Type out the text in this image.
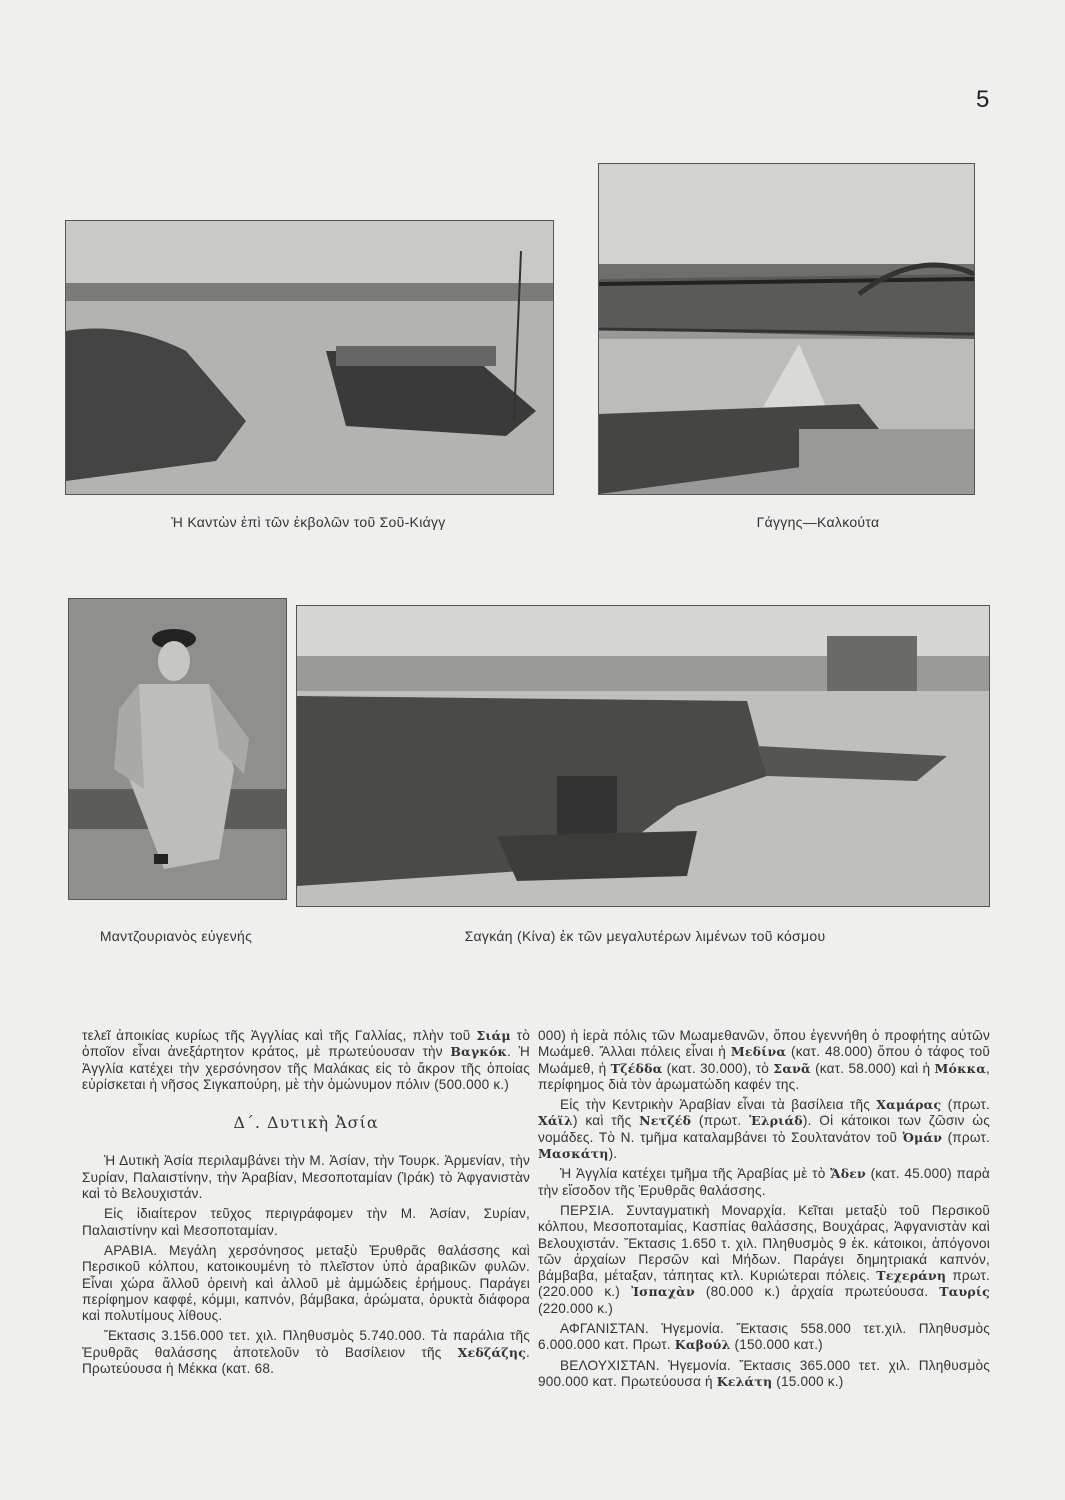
5
Ἡ Καντὼν ἐπὶ τῶν ἐκβολῶν τοῦ Σοῦ-Κιάγγ	Γάγγης—Καλκούτα
Μαντζουριανὸς εὐγενής	Σαγκάη (Κίνα) ἐκ τῶν μεγαλυτέρων λιμένων τοῦ κόσμου

τελεῖ ἀποικίας κυρίως τῆς Ἀγγλίας καὶ τῆς Γαλλίας, πλὴν τοῦ Σιάμ τὸ ὁποῖον εἶναι ἀνεξάρτητον κράτος, μὲ πρωτεύουσαν τὴν Βαγκόκ. Ἡ Ἀγγλία κατέχει τὴν χερσόνησον τῆς Μαλάκας εἰς τὸ ἄκρον τῆς ὁποίας εὑρίσκεται ἡ νῆσος Σιγκαπούρη, μὲ τὴν ὁμώνυμον πόλιν (500.000 κ.)

Δ΄. Δυτικὴ Ἀσία

Ἡ Δυτικὴ Ἀσία περιλαμβάνει τὴν Μ. Ἀσίαν, τὴν Τουρκ. Ἀρμενίαν, τὴν Συρίαν, Παλαιστίνην, τὴν Ἀραβίαν, Μεσοποταμίαν (Ἰράκ) τὸ Ἀφγανιστὰν καὶ τὸ Βελουχιστάν.

Εἰς ἰδιαίτερον τεῦχος περιγράφομεν τὴν Μ. Ἀσίαν, Συρίαν, Παλαιστίνην καὶ Μεσοποταμίαν.

ΑΡΑΒΙΑ. Μεγάλη χερσόνησος μεταξὺ Ἐρυθρᾶς θαλάσσης καὶ Περσικοῦ κόλπου, κατοικουμένη τὸ πλεῖστον ὑπὸ ἀραβικῶν φυλῶν. Εἶναι χώρα ἄλλοῦ ὀρεινὴ καὶ ἀλλοῦ μὲ ἀμμώδεις ἐρήμους. Παράγει περίφημον καφφέ, κόμμι, καπνόν, βάμβακα, ἀρώματα, ὀρυκτὰ διάφορα καὶ πολυτίμους λίθους.

Ἔκτασις 3.156.000 τετ. χιλ. Πληθυσμὸς 5.740.000. Τὰ παράλια τῆς Ἐρυθρᾶς θαλάσσης ἀποτελοῦν τὸ Βασίλειον τῆς Χεδζάζης. Πρωτεύουσα ἡ Μέκκα (κατ. 68.

000) ἡ ἱερὰ πόλις τῶν Μωαμεθανῶν, ὅπου ἐγεννήθη ὁ προφήτης αὐτῶν Μωάμεθ. Ἄλλαι πόλεις εἶναι ἡ Μεδίνα (κατ. 48.000) ὅπου ὁ τάφος τοῦ Μωάμεθ, ἡ Τζέδδα (κατ. 30.000), τὸ Σανᾶ (κατ. 58.000) καὶ ἡ Μόκκα, περίφημος διὰ τὸν ἀρωματώδη καφέν της.

Εἰς τὴν Κεντρικὴν Ἀραβίαν εἶναι τὰ βασίλεια τῆς Χαμάρας (πρωτ. Χάϊλ) καὶ τῆς Νετζέδ (πρωτ. Ἐλριάδ). Οἱ κάτοικοι των ζῶσιν ὡς νομάδες. Τὸ Ν. τμῆμα καταλαμβάνει τὸ Σουλτανάτον τοῦ Ὀμάν (πρωτ. Μασκάτη).

Ἡ Ἀγγλία κατέχει τμῆμα τῆς Ἀραβίας μὲ τὸ Ἄδεν (κατ. 45.000) παρὰ τὴν εἴσοδον τῆς Ἐρυθρᾶς θαλάσσης.

ΠΕΡΣΙΑ. Συνταγματικὴ Μοναρχία. Κεῖται μεταξὺ τοῦ Περσικοῦ κόλπου, Μεσοποταμίας, Κασπίας θαλάσσης, Βουχάρας, Ἀφγανιστὰν καὶ Βελουχιστάν. Ἔκτασις 1.650 τ. χιλ. Πληθυσμὸς 9 ἑκ. κάτοικοι, ἀπόγονοι τῶν ἀρχαίων Περσῶν καὶ Μήδων. Παράγει δημητριακά καπνόν, βάμβαβα, μέταξαν, τάπητας κτλ. Κυριώτεραι πόλεις. Τεχεράνη πρωτ. (220.000 κ.) Ἰσπαχὰν (80.000 κ.) ἀρχαία πρωτεύουσα. Ταυρίς (220.000 κ.)

ΑΦΓΑΝΙΣΤΑΝ. Ἡγεμονία. Ἔκτασις 558.000 τετ.χιλ. Πληθυσμὸς 6.000.000 κατ. Πρωτ. Καβούλ (150.000 κατ.)

ΒΕΛΟΥΧΙΣΤΑΝ. Ἡγεμονία. Ἔκτασις 365.000 τετ. χιλ. Πληθυσμὸς 900.000 κατ. Πρωτεύουσα ἡ Κελάτη (15.000 κ.)
